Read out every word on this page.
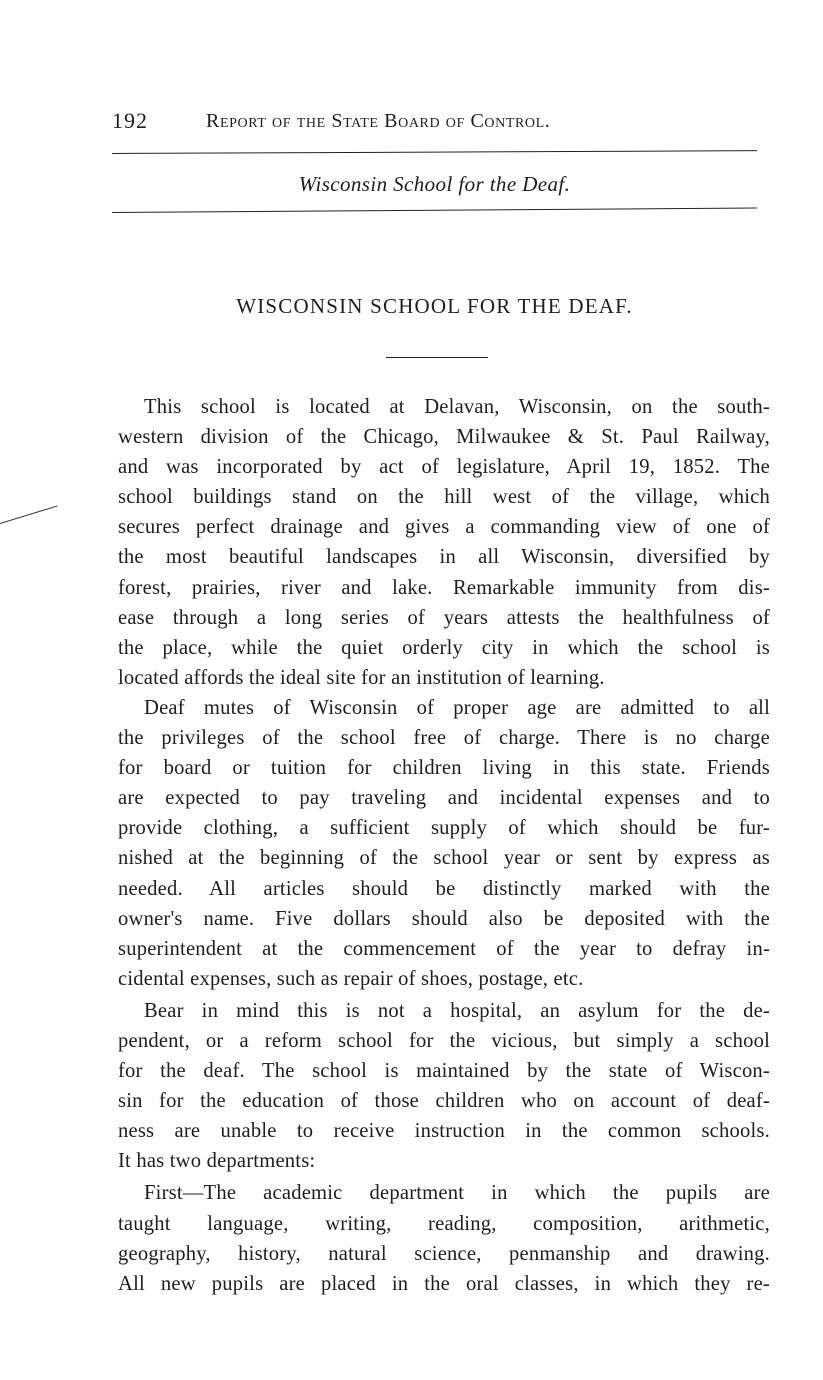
192	Report of the State Board of Control.
Wisconsin School for the Deaf.
WISCONSIN SCHOOL FOR THE DEAF.
This school is located at Delavan, Wisconsin, on the south-
western division of the Chicago, Milwaukee & St. Paul Railway,
and was incorporated by act of legislature, April 19, 1852. The
school buildings stand on the hill west of the village, which
secures perfect drainage and gives a commanding view of one of
the most beautiful landscapes in all Wisconsin, diversified by
forest, prairies, river and lake. Remarkable immunity from dis-
ease through a long series of years attests the healthfulness of
the place, while the quiet orderly city in which the school is
located affords the ideal site for an institution of learning.
Deaf mutes of Wisconsin of proper age are admitted to all
the privileges of the school free of charge. There is no charge
for board or tuition for children living in this state. Friends
are expected to pay traveling and incidental expenses and to
provide clothing, a sufficient supply of which should be fur-
nished at the beginning of the school year or sent by express as
needed. All articles should be distinctly marked with the
owner's name. Five dollars should also be deposited with the
superintendent at the commencement of the year to defray in-
cidental expenses, such as repair of shoes, postage, etc.
Bear in mind this is not a hospital, an asylum for the de-
pendent, or a reform school for the vicious, but simply a school
for the deaf. The school is maintained by the state of Wiscon-
sin for the education of those children who on account of deaf-
ness are unable to receive instruction in the common schools.
It has two departments:
First—The academic department in which the pupils are
taught language, writing, reading, composition, arithmetic,
geography, history, natural science, penmanship and drawing.
All new pupils are placed in the oral classes, in which they re-
